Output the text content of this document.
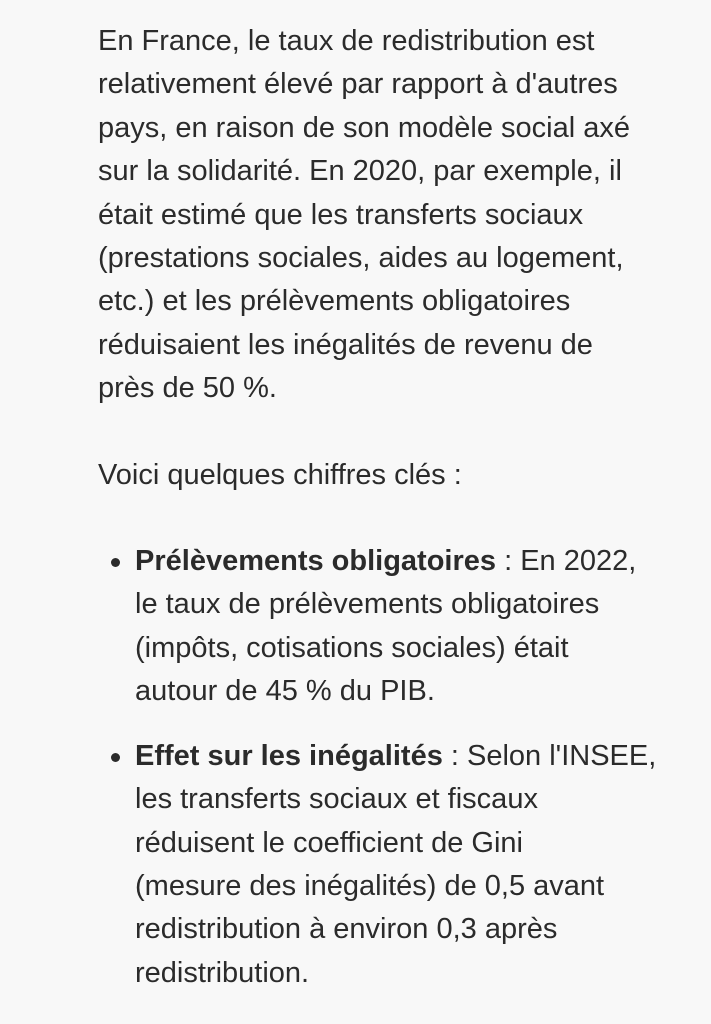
En France, le taux de redistribution est
relativement élevé par rapport à d'autres
pays, en raison de son modèle social axé
sur la solidarité. En 2020, par exemple, il
était estimé que les transferts sociaux
(prestations sociales, aides au logement,
etc.) et les prélèvements obligatoires
réduisaient les inégalités de revenu de
près de 50 %.

Voici quelques chiffres clés :

Prélèvements obligatoires : En 2022,
le taux de prélèvements obligatoires
(impôts, cotisations sociales) était
autour de 45 % du PIB.
Effet sur les inégalités : Selon l'INSEE,
les transferts sociaux et fiscaux
réduisent le coefficient de Gini
(mesure des inégalités) de 0,5 avant
redistribution à environ 0,3 après
redistribution.
